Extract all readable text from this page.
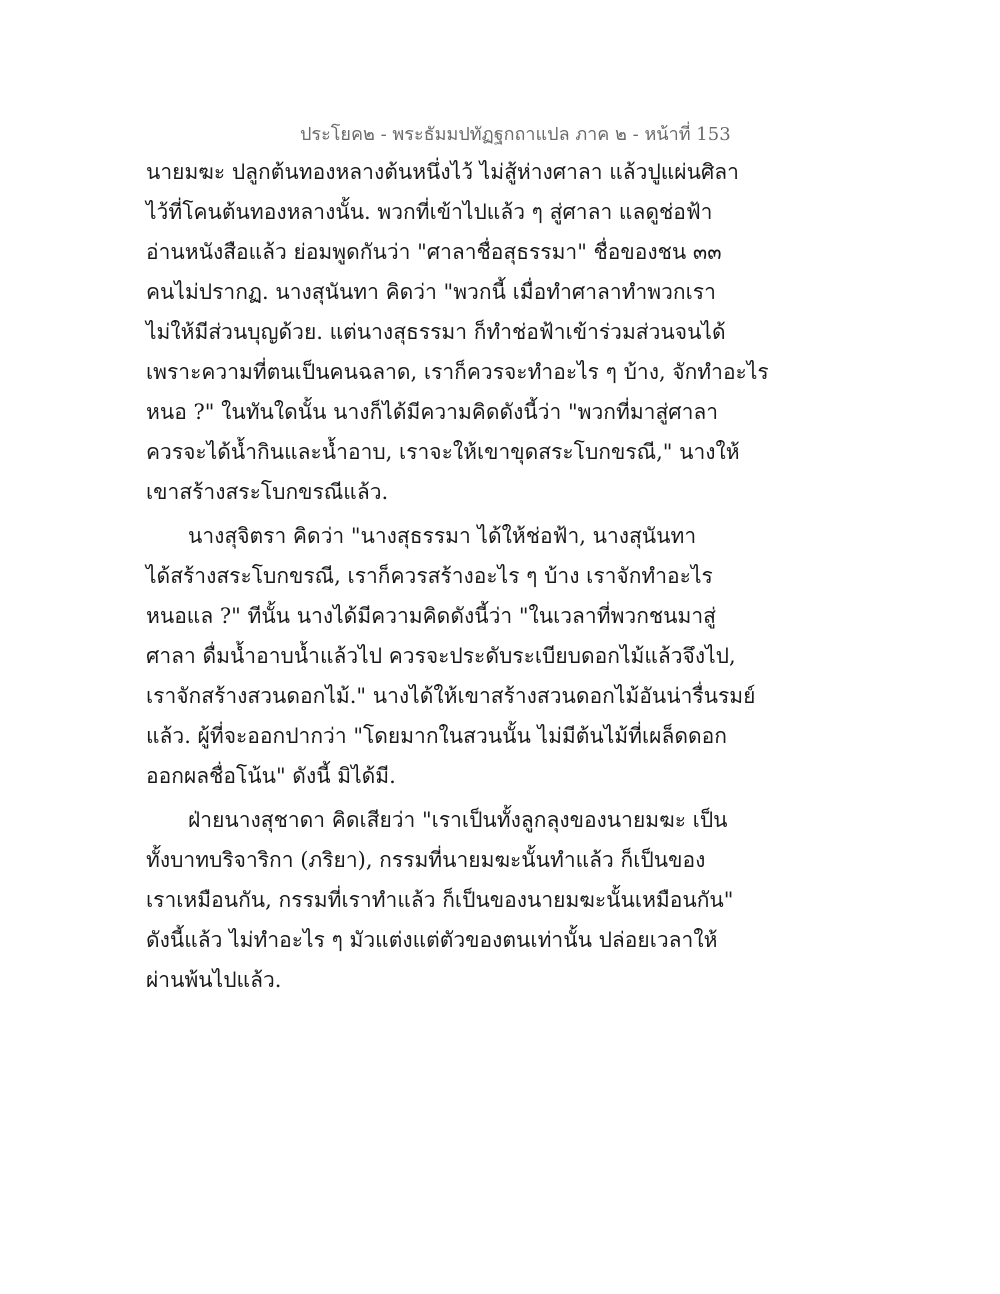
ประโยค๒ - พระธัมมปทัฏฐกถาแปล ภาค ๒ - หน้าที่ 153
นายมฆะ ปลูกต้นทองหลางต้นหนึ่งไว้ ไม่สู้ห่างศาลา แล้วปูแผ่นศิลา
ไว้ที่โคนต้นทองหลางนั้น. พวกที่เข้าไปแล้ว ๆ สู่ศาลา แลดูช่อฟ้า
อ่านหนังสือแล้ว ย่อมพูดกันว่า "ศาลาชื่อสุธรรมา" ชื่อของชน ๓๓
คนไม่ปรากฏ. นางสุนันทา คิดว่า "พวกนี้ เมื่อทำศาลาทำพวกเรา
ไม่ให้มีส่วนบุญด้วย. แต่นางสุธรรมา ก็ทำช่อฟ้าเข้าร่วมส่วนจนได้
เพราะความที่ตนเป็นคนฉลาด, เราก็ควรจะทำอะไร ๆ บ้าง, จักทำอะไร
หนอ ?" ในทันใดนั้น นางก็ได้มีความคิดดังนี้ว่า "พวกที่มาสู่ศาลา
ควรจะได้น้ำกินและน้ำอาบ, เราจะให้เขาขุดสระโบกขรณี," นางให้
เขาสร้างสระโบกขรณีแล้ว.
นางสุจิตรา คิดว่า "นางสุธรรมา ได้ให้ช่อฟ้า, นางสุนันทา
ได้สร้างสระโบกขรณี, เราก็ควรสร้างอะไร ๆ บ้าง เราจักทำอะไร
หนอแล ?" ทีนั้น นางได้มีความคิดดังนี้ว่า "ในเวลาที่พวกชนมาสู่
ศาลา ดื่มน้ำอาบน้ำแล้วไป ควรจะประดับระเบียบดอกไม้แล้วจึงไป,
เราจักสร้างสวนดอกไม้." นางได้ให้เขาสร้างสวนดอกไม้อันน่ารื่นรมย์
แล้ว. ผู้ที่จะออกปากว่า "โดยมากในสวนนั้น ไม่มีต้นไม้ที่เผล็ดดอก
ออกผลชื่อโน้น" ดังนี้ มิได้มี.
ฝ่ายนางสุชาดา คิดเสียว่า "เราเป็นทั้งลูกลุงของนายมฆะ เป็น
ทั้งบาทบริจาริกา (ภริยา), กรรมที่นายมฆะนั้นทำแล้ว ก็เป็นของ
เราเหมือนกัน, กรรมที่เราทำแล้ว ก็เป็นของนายมฆะนั้นเหมือนกัน"
ดังนี้แล้ว ไม่ทำอะไร ๆ มัวแต่งแต่ตัวของตนเท่านั้น ปล่อยเวลาให้
ผ่านพ้นไปแล้ว.
